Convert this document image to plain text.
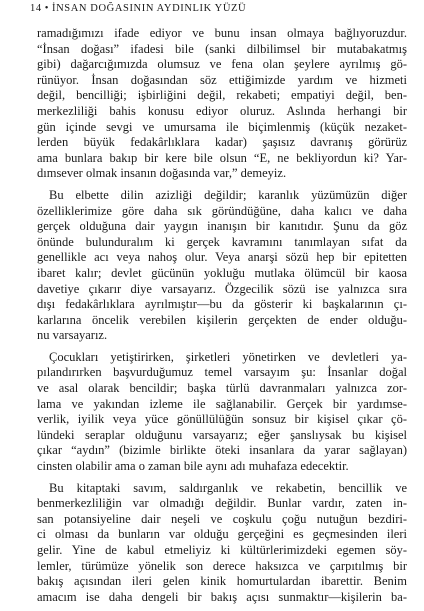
14 • İNSAN DOĞASININ AYDINLIK YÜZÜ
ramadığımızı ifade ediyor ve bunu insan olmaya bağlıyoruzdur.
“İnsan doğası” ifadesi bile (sanki dilbilimsel bir mutabakatmış
gibi) dağarcığımızda olumsuz ve fena olan şeylere ayrılmış gö-
rünüyor. İnsan doğasından söz ettiğimizde yardım ve hizmeti
değil, bencilliği; işbirliğini değil, rekabeti; empatiyi değil, ben-
merkezliliği bahis konusu ediyor oluruz. Aslında herhangi bir
gün içinde sevgi ve umursama ile biçimlenmiş (küçük nezaket-
lerden büyük fedakârlıklara kadar) şaşısız davranış görürüz
ama bunlara bakıp bir kere bile olsun “E, ne bekliyordun ki? Yar-
dımsever olmak insanın doğasında var,” demeyiz.
Bu elbette dilin azizliği değildir; karanlık yüzümüzün diğer
özelliklerimize göre daha sık göründüğüne, daha kalıcı ve daha
gerçek olduğuna dair yaygın inanışın bir kanıtıdır. Şunu da göz
önünde bulunduralım ki gerçek kavramını tanımlayan sıfat da
genellikle acı veya nahoş olur. Veya anarşi sözü hep bir epitetten
ibaret kalır; devlet gücünün yokluğu mutlaka ölümcül bir kaosa
davetiye çıkarır diye varsayarız. Özgecilik sözü ise yalnızca sıra
dışı fedakârlıklara ayrılmıştır—bu da gösterir ki başkalarının çı-
karlarına öncelik verebilen kişilerin gerçekten de ender olduğu-
nu varsayarız.
Çocukları yetiştirirken, şirketleri yönetirken ve devletleri ya-
pılandırırken başvurduğumuz temel varsayım şu: İnsanlar doğal
ve asal olarak bencildir; başka türlü davranmaları yalnızca zor-
lama ve yakından izleme ile sağlanabilir. Gerçek bir yardımse-
verlik, iyilik veya yüce gönüllülüğün sonsuz bir kişisel çıkar çö-
lündeki seraplar olduğunu varsayarız; eğer şanslıysak bu kişisel
çıkar “aydın” (bizimle birlikte öteki insanlara da yarar sağlayan)
cinsten olabilir ama o zaman bile aynı adı muhafaza edecektir.
Bu kitaptaki savım, saldırganlık ve rekabetin, bencillik ve
benmerkezliliğin var olmadığı değildir. Bunlar vardır, zaten in-
san potansiyeline dair neşeli ve coşkulu çoğu nutuğun bezdiri-
ci olması da bunların var olduğu gerçeğini es geçmesinden ileri
gelir. Yine de kabul etmeliyiz ki kültürlerimizdeki egemen söy-
lemler, türümüze yönelik son derece haksızca ve çarpıtılmış bir
bakış açısından ileri gelen kinik homurtulardan ibarettir. Benim
amacım ise daha dengeli bir bakış açısı sunmaktır—kişilerin ba-
